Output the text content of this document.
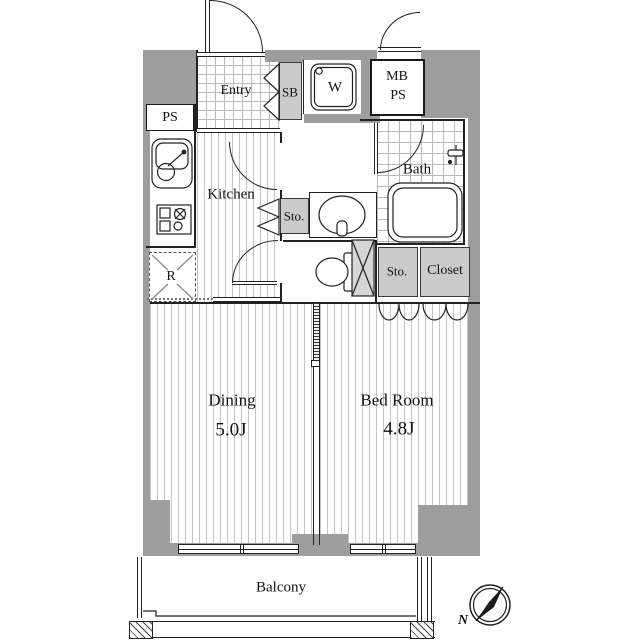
Entry SB W
MB
PS
PS
Kitchen
Bath
Sto.
Sto. Closet
R
Dining
5.0J
Bed Room
4.8J
Balcony
N
